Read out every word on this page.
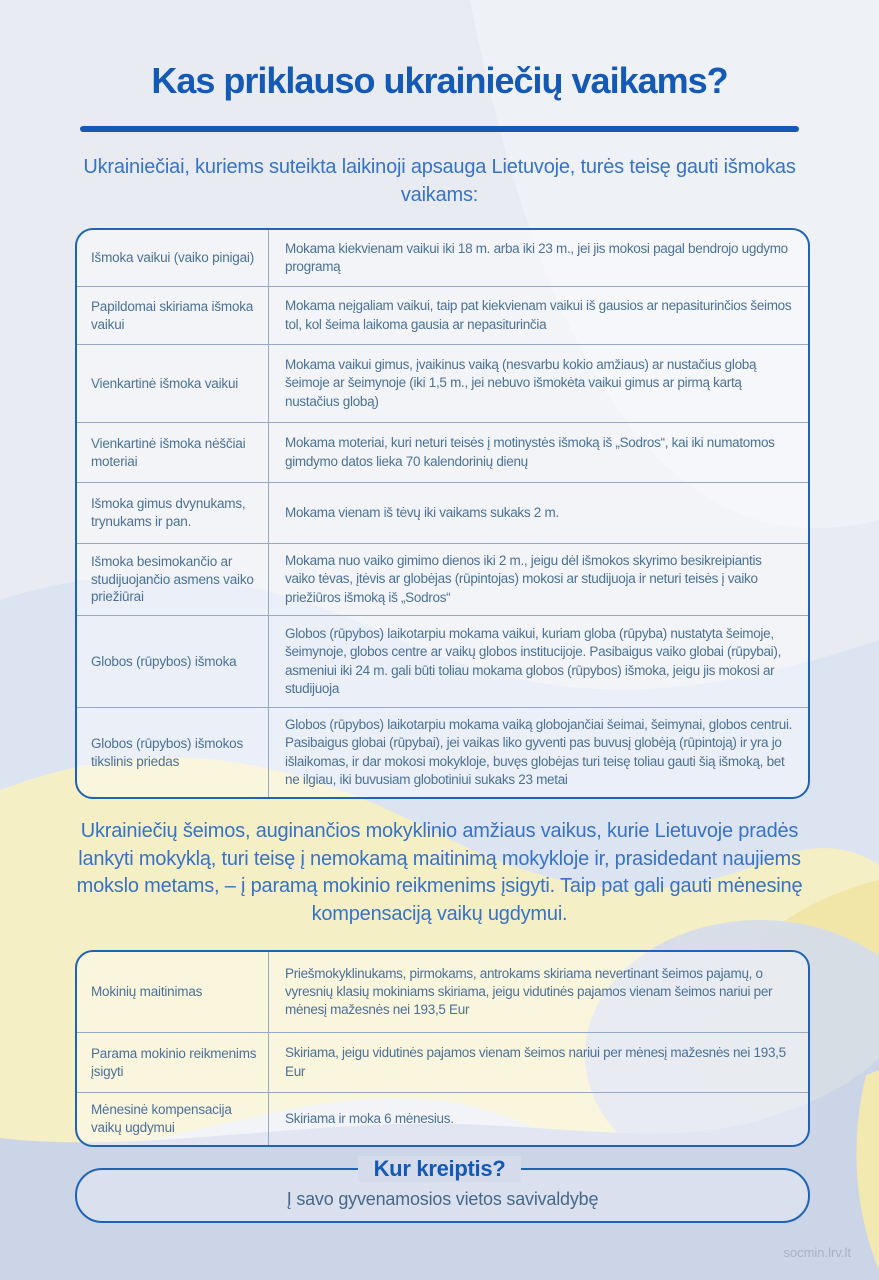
Kas priklauso ukrainiečių vaikams?
Ukrainiečiai, kuriems suteikta laikinoji apsauga Lietuvoje, turės teisę gauti išmokas vaikams:
Išmoka vaikui (vaiko pinigai)
Mokama kiekvienam vaikui iki 18 m. arba iki 23 m., jei jis mokosi pagal bendrojo ugdymo programą
Papildomai skiriama išmoka vaikui
Mokama neįgaliam vaikui, taip pat kiekvienam vaikui iš gausios ar nepasiturinčios šeimos tol, kol šeima laikoma gausia ar nepasiturinčia
Vienkartinė išmoka vaikui
Mokama vaikui gimus, įvaikinus vaiką (nesvarbu kokio amžiaus) ar nustačius globą šeimoje ar šeimynoje (iki 1,5 m., jei nebuvo išmokėta vaikui gimus ar pirmą kartą nustačius globą)
Vienkartinė išmoka nėščiai moteriai
Mokama moteriai, kuri neturi teisės į motinystės išmoką iš „Sodros“, kai iki numatomos gimdymo datos lieka 70 kalendorinių dienų
Išmoka gimus dvynukams, trynukams ir pan.
Mokama vienam iš tėvų iki vaikams sukaks 2 m.
Išmoka besimokančio ar studijuojančio asmens vaiko priežiūrai
Mokama nuo vaiko gimimo dienos iki 2 m., jeigu dėl išmokos skyrimo besikreipiantis vaiko tėvas, įtėvis ar globėjas (rūpintojas) mokosi ar studijuoja ir neturi teisės į vaiko priežiūros išmoką iš „Sodros“
Globos (rūpybos) išmoka
Globos (rūpybos) laikotarpiu mokama vaikui, kuriam globa (rūpyba) nustatyta šeimoje, šeimynoje, globos centre ar vaikų globos institucijoje. Pasibaigus vaiko globai (rūpybai), asmeniui iki 24 m. gali būti toliau mokama globos (rūpybos) išmoka, jeigu jis mokosi ar studijuoja
Globos (rūpybos) išmokos tikslinis priedas
Globos (rūpybos) laikotarpiu mokama vaiką globojančiai šeimai, šeimynai, globos centrui. Pasibaigus globai (rūpybai), jei vaikas liko gyventi pas buvusį globėją (rūpintoją) ir yra jo išlaikomas, ir dar mokosi mokykloje, buvęs globėjas turi teisę toliau gauti šią išmoką, bet ne ilgiau, iki buvusiam globotiniui sukaks 23 metai
Ukrainiečių šeimos, auginančios mokyklinio amžiaus vaikus, kurie Lietuvoje pradės lankyti mokyklą, turi teisę į nemokamą maitinimą mokykloje ir, prasidedant naujiems mokslo metams, – į paramą mokinio reikmenims įsigyti. Taip pat gali gauti mėnesinę kompensaciją vaikų ugdymui.
Mokinių maitinimas
Priešmokyklinukams, pirmokams, antrokams skiriama nevertinant šeimos pajamų, o vyresnių klasių mokiniams skiriama, jeigu vidutinės pajamos vienam šeimos nariui per mėnesį mažesnės nei 193,5 Eur
Parama mokinio reikmenims įsigyti
Skiriama, jeigu vidutinės pajamos vienam šeimos nariui per mėnesį mažesnės nei 193,5 Eur
Mėnesinė kompensacija vaikų ugdymui
Skiriama ir moka 6 mėnesius.
Į savo gyvenamosios vietos savivaldybę
Kur kreiptis?
socmin.lrv.lt
